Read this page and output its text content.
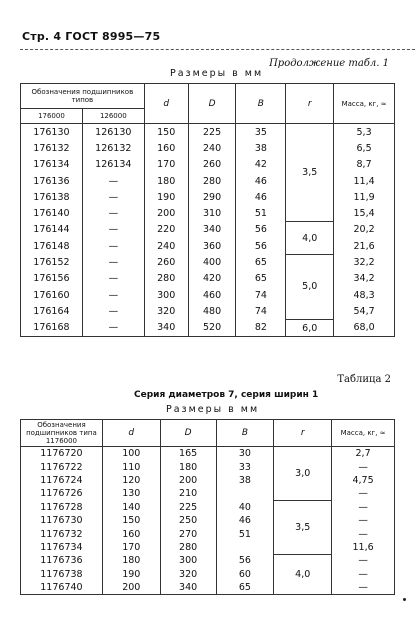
Стр. 4 ГОСТ 8995—75
Продолжение табл. 1
Размеры в мм
Обозначения подшипников типов		d	D	B	r	Масса, кг, ≈
176000	126000					
176130	126130	150	225	35	3,5	5,3
176132	126132	160	240	38		6,5
176134	126134	170	260	42		8,7
176136	—	180	280	46		11,4
176138	—	190	290	46		11,9
176140	—	200	310	51		15,4
176144	—	220	340	56	4,0	20,2
176148	—	240	360	56		21,6
176152	—	260	400	65	5,0	32,2
176156	—	280	420	65		34,2
176160	—	300	460	74		48,3
176164	—	320	480	74		54,7
176168	—	340	520	82	6,0	68,0
Таблица 2
Серия диаметров 7, серия ширин 1
Размеры в мм
Обозначения подшипников типа 1176000	d	D	B	r	Масса, кг, ≈
1176720	100	165	30	3,0	2,7
1176722	110	180	33		—
1176724	120	200	38		4,75
1176726	130	210			—
1176728	140	225	40	3,5	—
1176730	150	250	46		—
1176732	160	270	51		—
1176734	170	280			11,6
1176736	180	300	56	4,0	—
1176738	190	320	60		—
1176740	200	340	65		—
